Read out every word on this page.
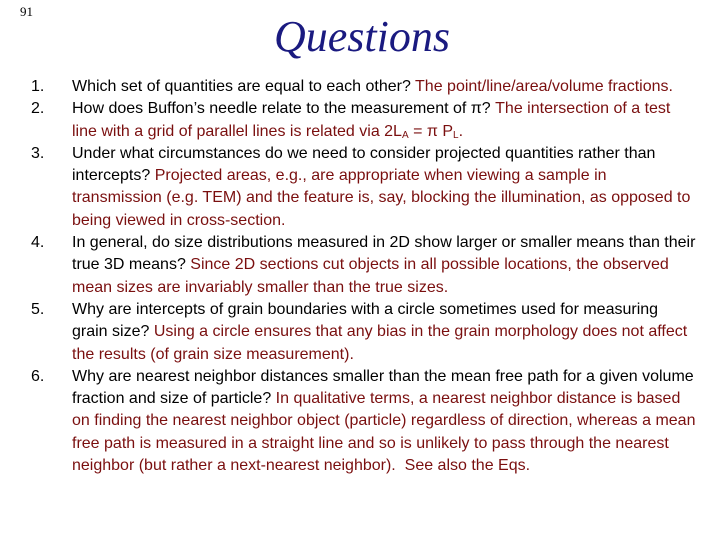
91
Questions
1. Which set of quantities are equal to each other? The point/line/area/volume fractions.
2. How does Buffon’s needle relate to the measurement of π? The intersection of a test line with a grid of parallel lines is related via $2L_A = \pi$ $P_L$.
3. Under what circumstances do we need to consider projected quantities rather than intercepts? Projected areas, e.g., are appropriate when viewing a sample in transmission (e.g. TEM) and the feature is, say, blocking the illumination, as opposed to being viewed in cross-section.
4. In general, do size distributions measured in 2D show larger or smaller means than their true 3D means? Since 2D sections cut objects in all possible locations, the observed mean sizes are invariably smaller than the true sizes.
5. Why are intercepts of grain boundaries with a circle sometimes used for measuring grain size? Using a circle ensures that any bias in the grain morphology does not affect the results (of grain size measurement).
6. Why are nearest neighbor distances smaller than the mean free path for a given volume fraction and size of particle? In qualitative terms, a nearest neighbor distance is based on finding the nearest neighbor object (particle) regardless of direction, whereas a mean free path is measured in a straight line and so is unlikely to pass through the nearest neighbor (but rather a next-nearest neighbor). See also the Eqs.
